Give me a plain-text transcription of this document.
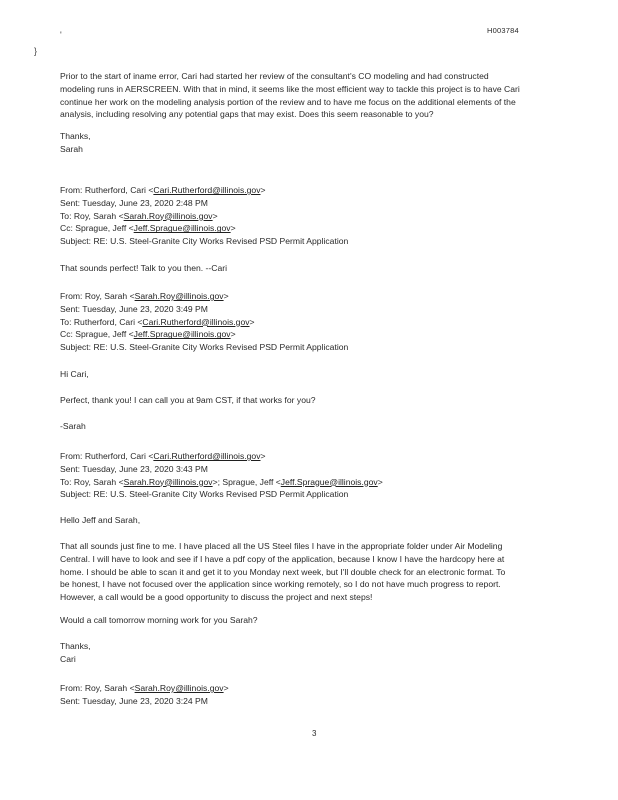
H003784
'
}

Prior to the start of iname error, Cari had started her review of the consultant's CO modeling and had constructed

modeling runs in AERSCREEN. With that in mind, it seems like the most efficient way to tackle this project is to have Cari

continue her work on the modeling analysis portion of the review and to have me focus on the additional elements of the

analysis, including resolving any potential gaps that may exist. Does this seem reasonable to you?

Thanks,

Sarah

From: Rutherford, Cari <Cari.Rutherford@illinois.gov>

Sent: Tuesday, June 23, 2020 2:48 PM

To: Roy, Sarah <Sarah.Roy@illinois.gov>

Cc: Sprague, Jeff <Jeff.Sprague@illinois.gov>

Subject: RE: U.S. Steel-Granite City Works Revised PSD Permit Application

That sounds perfect! Talk to you then. --Cari

From: Roy, Sarah <Sarah.Roy@illinois.gov>

Sent: Tuesday, June 23, 2020 3:49 PM

To: Rutherford, Cari <Cari.Rutherford@illinois.gov>

Cc: Sprague, Jeff <Jeff.Sprague@illinois.gov>

Subject: RE: U.S. Steel-Granite City Works Revised PSD Permit Application

Hi Cari,
Perfect, thank you! I can call you at 9am CST, if that works for you?
-Sarah

From: Rutherford, Cari <Cari.Rutherford@illinois.gov>

Sent: Tuesday, June 23, 2020 3:43 PM

To: Roy, Sarah <Sarah.Roy@illinois.gov>; Sprague, Jeff <Jeff.Sprague@illinois.gov>

Subject: RE: U.S. Steel-Granite City Works Revised PSD Permit Application

Hello Jeff and Sarah,

That all sounds just fine to me. I have placed all the US Steel files I have in the appropriate folder under Air Modeling

Central. I will have to look and see if I have a pdf copy of the application, because I know I have the hardcopy here at

home. I should be able to scan it and get it to you Monday next week, but I'll double check for an electronic format. To

be honest, I have not focused over the application since working remotely, so I do not have much progress to report.

However, a call would be a good opportunity to discuss the project and next steps!

Would a call tomorrow morning work for you Sarah?

Thanks,

Cari

From: Roy, Sarah <Sarah.Roy@illinois.gov>

Sent: Tuesday, June 23, 2020 3:24 PM

3
